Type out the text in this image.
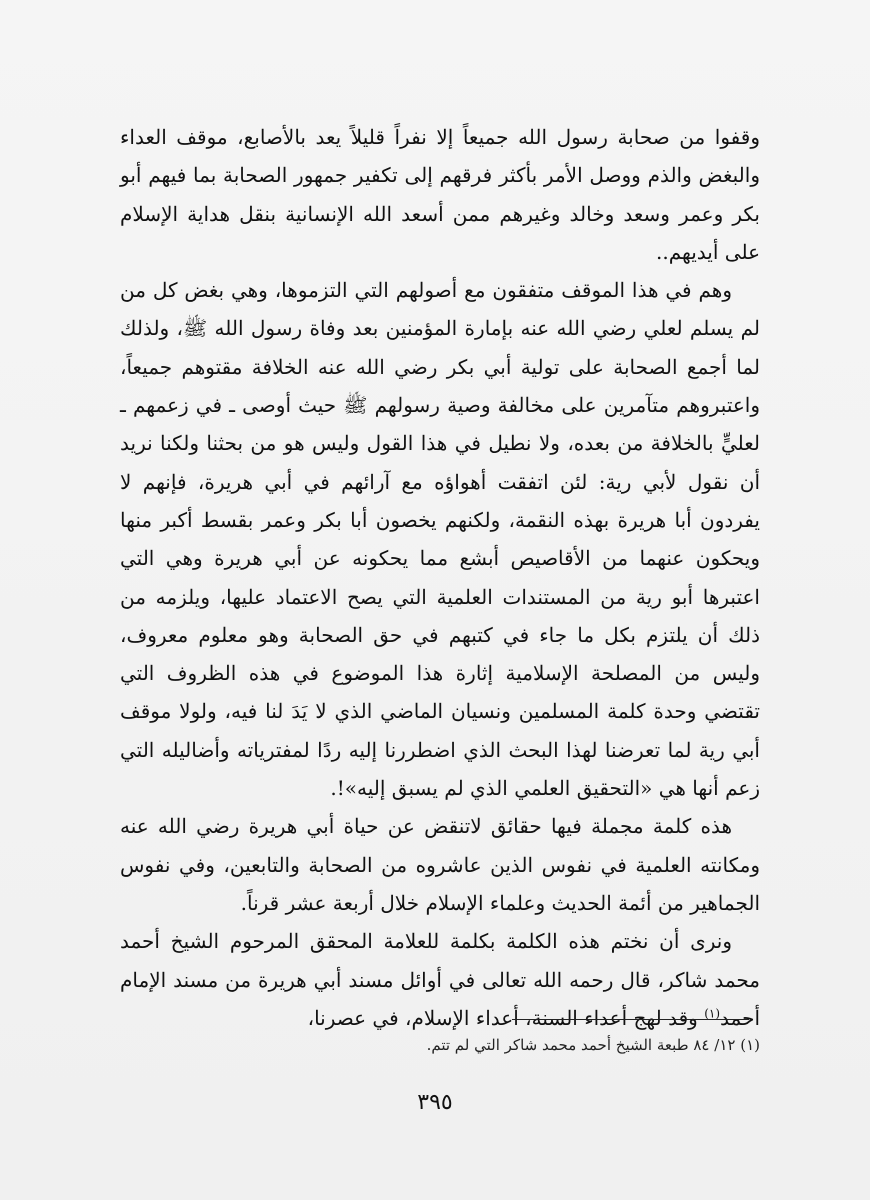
وقفوا من صحابة رسول الله جميعاً إلا نفراً قليلاً يعد بالأصابع، موقف العداء والبغض والذم ووصل الأمر بأكثر فرقهم إلى تكفير جمهور الصحابة بما فيهم أبو بكر وعمر وسعد وخالد وغيرهم ممن أسعد الله الإنسانية بنقل هداية الإسلام على أيديهم..

وهم في هذا الموقف متفقون مع أصولهم التي التزموها، وهي بغض كل من لم يسلم لعلي رضي الله عنه بإمارة المؤمنين بعد وفاة رسول الله ﷺ، ولذلك لما أجمع الصحابة على تولية أبي بكر رضي الله عنه الخلافة مقتوهم جميعاً، واعتبروهم متآمرين على مخالفة وصية رسولهم ﷺ حيث أوصى ـ في زعمهم ـ لعليٍّ بالخلافة من بعده، ولا نطيل في هذا القول وليس هو من بحثنا ولكنا نريد أن نقول لأبي رية: لئن اتفقت أهواؤه مع آرائهم في أبي هريرة، فإنهم لا يفردون أبا هريرة بهذه النقمة، ولكنهم يخصون أبا بكر وعمر بقسط أكبر منها ويحكون عنهما من الأقاصيص أبشع مما يحكونه عن أبي هريرة وهي التي اعتبرها أبو رية من المستندات العلمية التي يصح الاعتماد عليها، ويلزمه من ذلك أن يلتزم بكل ما جاء في كتبهم في حق الصحابة وهو معلوم معروف، وليس من المصلحة الإسلامية إثارة هذا الموضوع في هذه الظروف التي تقتضي وحدة كلمة المسلمين ونسيان الماضي الذي لا يَدَ لنا فيه، ولولا موقف أبي رية لما تعرضنا لهذا البحث الذي اضطررنا إليه ردًا لمفترياته وأضاليله التي زعم أنها هي «التحقيق العلمي الذي لم يسبق إليه»!.

هذه كلمة مجملة فيها حقائق لاتنقض عن حياة أبي هريرة رضي الله عنه ومكانته العلمية في نفوس الذين عاشروه من الصحابة والتابعين، وفي نفوس الجماهير من أئمة الحديث وعلماء الإسلام خلال أربعة عشر قرناً.

ونرى أن نختم هذه الكلمة بكلمة للعلامة المحقق المرحوم الشيخ أحمد محمد شاكر، قال رحمه الله تعالى في أوائل مسند أبي هريرة من مسند الإمام أحمد$^{(١)}$ وقد لهج أعداء السنة، أعداء الإسلام، في عصرنا،

(١) ١٢/ ٨٤ طبعة الشيخ أحمد محمد شاكر التي لم تتم.
٣٩٥
